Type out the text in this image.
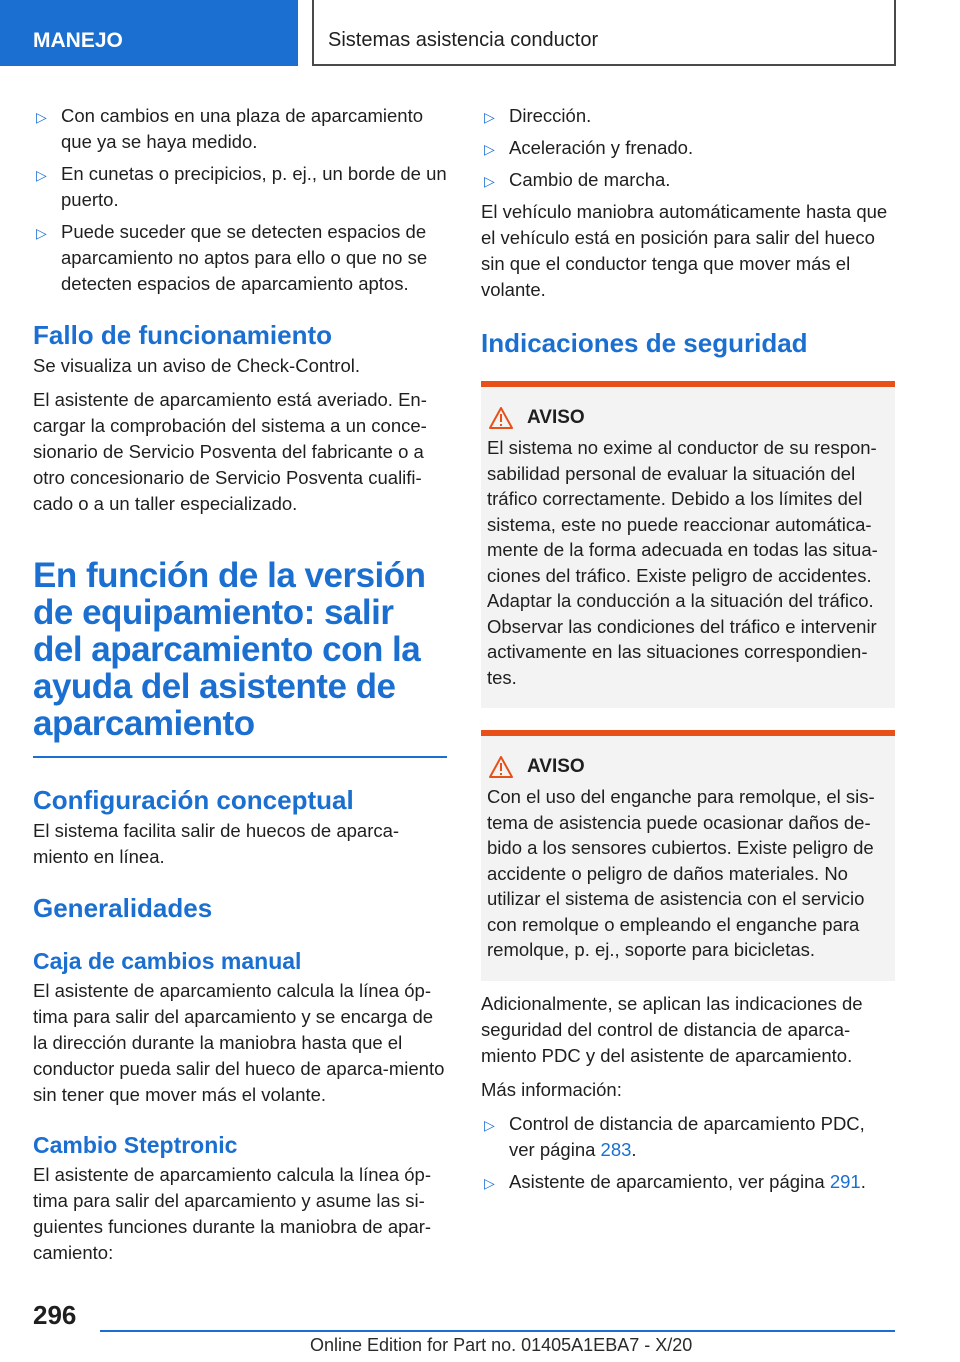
MANEJO	Sistemas asistencia conductor
▷ Con cambios en una plaza de aparcamiento que ya se haya medido.
▷ En cunetas o precipicios, p. ej., un borde de un puerto.
▷ Puede suceder que se detecten espacios de aparcamiento no aptos para ello o que no se detecten espacios de aparcamiento aptos.
Fallo de funcionamiento

Se visualiza un aviso de Check-Control.

El asistente de aparcamiento está averiado. En-cargar la comprobación del sistema a un conce-sionario de Servicio Posventa del fabricante o a otro concesionario de Servicio Posventa cualifi-cado o a un taller especializado.

En función de la versión de equipamiento: salir del aparcamiento con la ayuda del asistente de aparcamiento
Configuración conceptual

El sistema facilita salir de huecos de aparca-miento en línea.

Generalidades
Caja de cambios manual

El asistente de aparcamiento calcula la línea óp-tima para salir del aparcamiento y se encarga de la dirección durante la maniobra hasta que el conductor pueda salir del hueco de aparca-miento sin tener que mover más el volante.

Cambio Steptronic

El asistente de aparcamiento calcula la línea óp-tima para salir del aparcamiento y asume las si-guientes funciones durante la maniobra de apar-camiento:

▷ Dirección.
▷ Aceleración y frenado.
▷ Cambio de marcha.

El vehículo maniobra automáticamente hasta que el vehículo está en posición para salir del hueco sin que el conductor tenga que mover más el volante.

Indicaciones de seguridad
AVISO

El sistema no exime al conductor de su respon-sabilidad personal de evaluar la situación del tráfico correctamente. Debido a los límites del sistema, este no puede reaccionar automática-mente de la forma adecuada en todas las situa-ciones del tráfico. Existe peligro de accidentes. Adaptar la conducción a la situación del tráfico. Observar las condiciones del tráfico e intervenir activamente en las situaciones correspondien-tes.

AVISO

Con el uso del enganche para remolque, el sis-tema de asistencia puede ocasionar daños de-bido a los sensores cubiertos. Existe peligro de accidente o peligro de daños materiales. No utilizar el sistema de asistencia con el servicio con remolque o empleando el enganche para remolque, p. ej., soporte para bicicletas.

Adicionalmente, se aplican las indicaciones de seguridad del control de distancia de aparca-miento PDC y del asistente de aparcamiento.

Más información:

▷ Control de distancia de aparcamiento PDC, ver página 283.
▷ Asistente de aparcamiento, ver página 291.
296
Online Edition for Part no. 01405A1EBA7 - X/20
